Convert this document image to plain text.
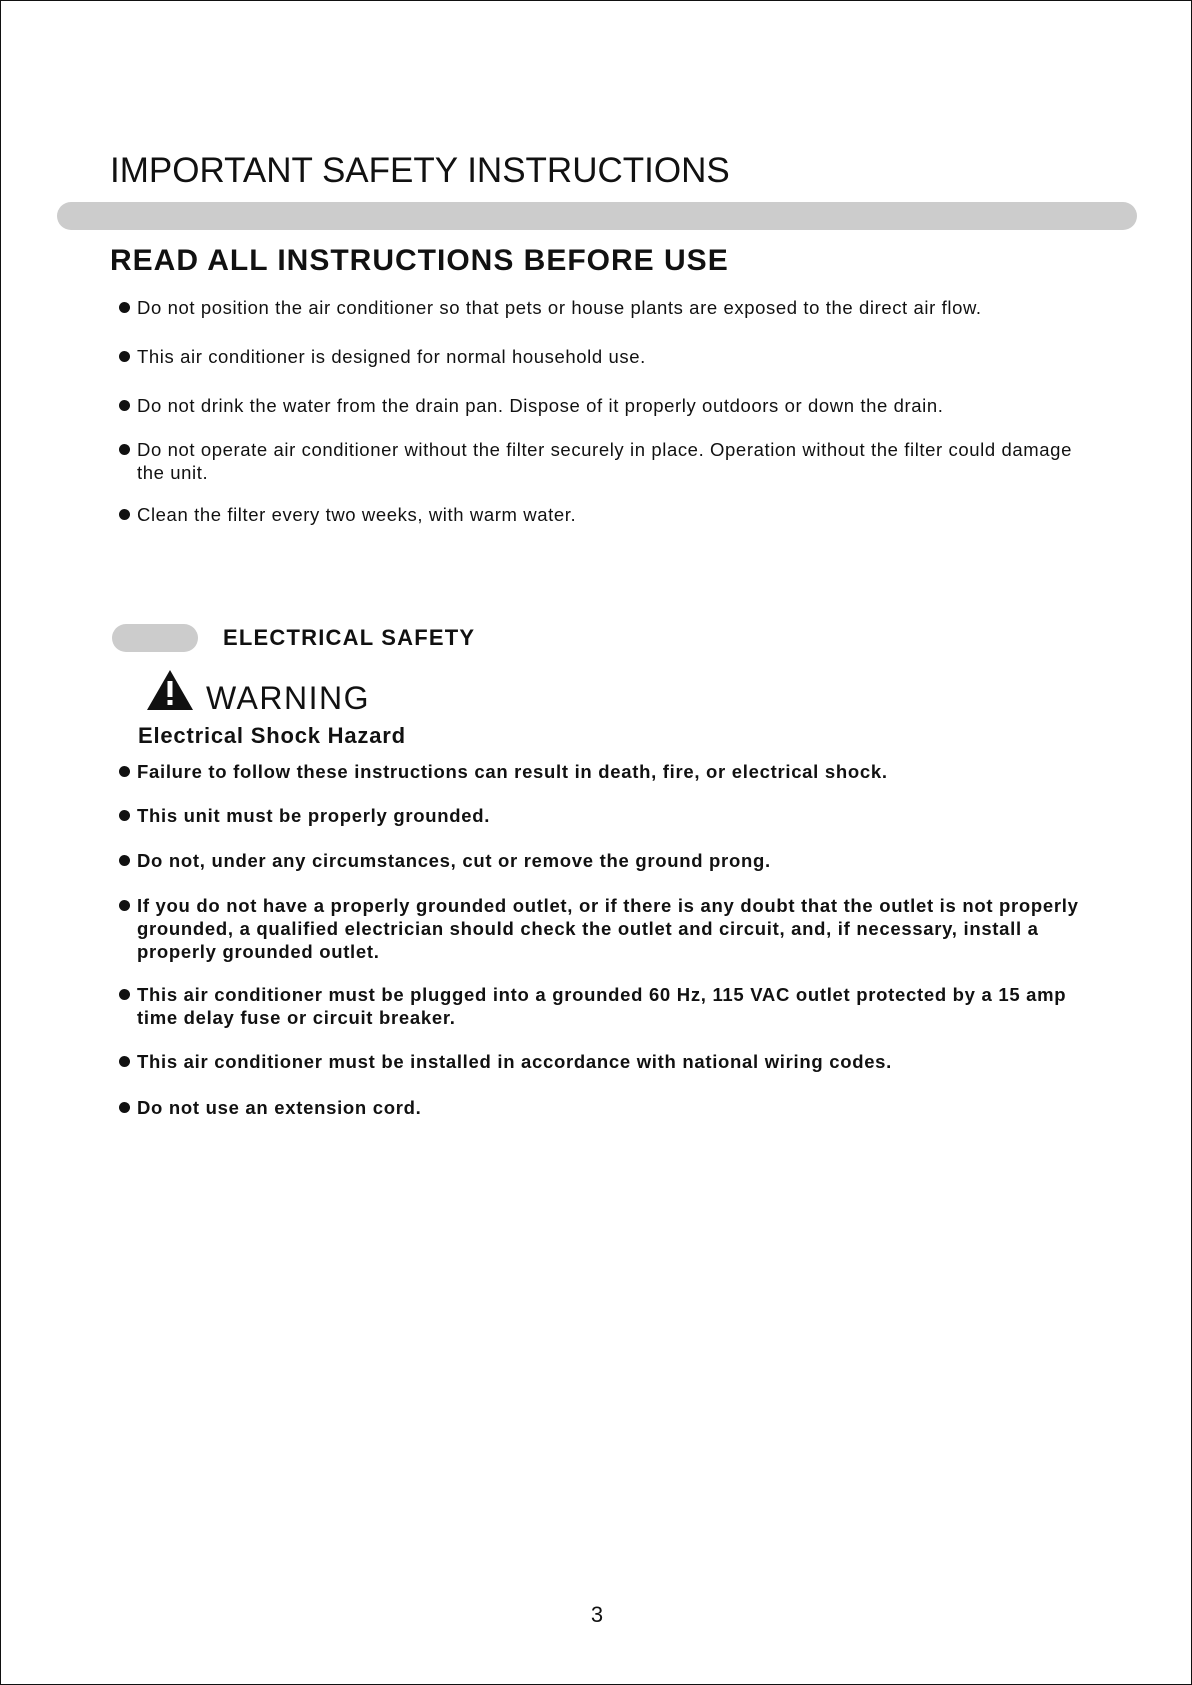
IMPORTANT SAFETY INSTRUCTIONS
READ ALL INSTRUCTIONS BEFORE USE
Do not position the air conditioner so that pets or house plants are exposed to the direct air flow.
This air conditioner is designed for normal household use.
Do not drink the water from the drain pan. Dispose of it properly outdoors or down the drain.
Do not operate air conditioner without the filter securely in place. Operation without the filter could damage the unit.
Clean the filter every two weeks, with warm water.
ELECTRICAL SAFETY
WARNING
Electrical Shock Hazard
Failure to follow these instructions can result in death, fire, or electrical shock.
This unit must be properly grounded.
Do not, under any circumstances, cut or remove the ground prong.
If you do not have a properly grounded outlet, or if there is any doubt that the outlet is not properly grounded, a qualified electrician should check the outlet and circuit, and, if necessary, install a properly grounded outlet.
This air conditioner must be plugged into a grounded 60 Hz, 115 VAC outlet protected by a 15 amp time delay fuse or circuit breaker.
This air conditioner must be installed in accordance with national wiring codes.
Do not use an extension cord.
3
